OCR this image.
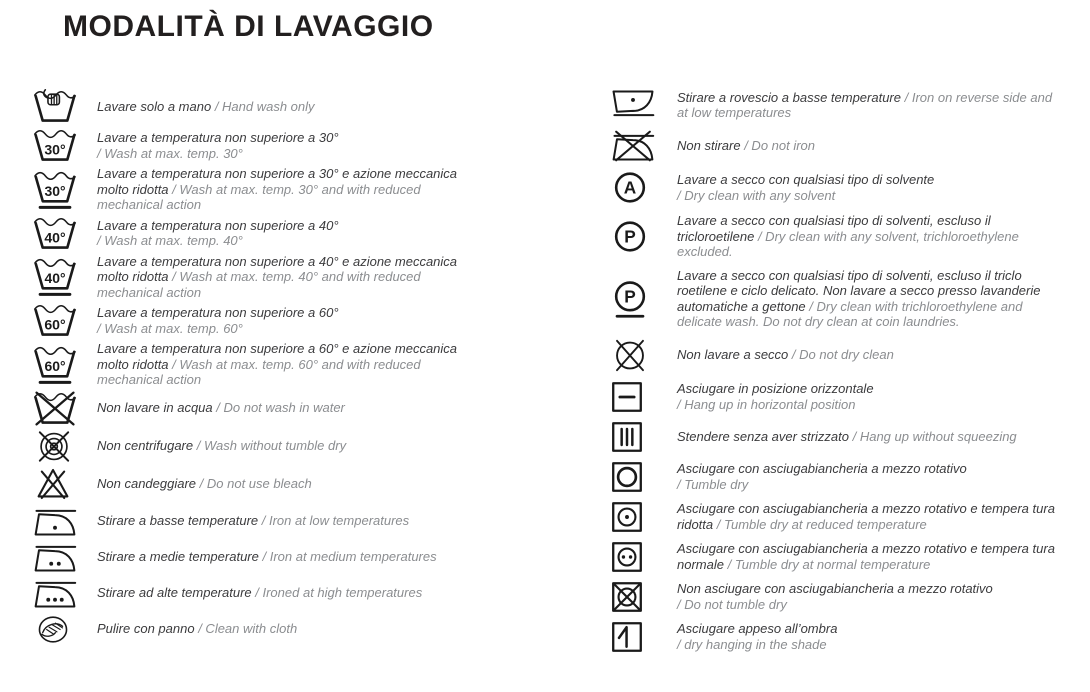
MODALITÀ DI LAVAGGIO
Lavare solo a mano / Hand wash only
30°
Lavare a temperatura non superiore a 30°
/ Wash at max. temp. 30°
30°
Lavare a temperatura non superiore a 30° e azione meccanica molto ridotta / Wash at max. temp. 30° and with reduced mechanical action
40°
Lavare a temperatura non superiore a 40°
/ Wash at max. temp. 40°
40°
Lavare a temperatura non superiore a 40° e azione meccanica molto ridotta / Wash at max. temp. 40° and with reduced mechanical action
60°
Lavare a temperatura non superiore a 60°
/ Wash at max. temp. 60°
60°
Lavare a temperatura non superiore a 60° e azione meccanica molto ridotta / Wash at max. temp. 60° and with reduced mechanical action
Non lavare in acqua / Do not wash in water
Non centrifugare / Wash without tumble dry
Non candeggiare / Do not use bleach
Stirare a basse temperature / Iron at low temperatures
Stirare a medie temperature / Iron at medium temperatures
Stirare ad alte temperature / Ironed at high temperatures
Pulire con panno / Clean with cloth
Stirare a rovescio a basse temperature / Iron on reverse side and at low temperatures
Non stirare / Do not iron
A	Lavare a secco con qualsiasi tipo di solvente
/ Dry clean with any solvent
P
Lavare a secco con qualsiasi tipo di solventi, escluso il tricloroetilene / Dry clean with any solvent, trichloroethylene excluded.
P
Lavare a secco con qualsiasi tipo di solventi, escluso il triclo roetilene e ciclo delicato. Non lavare a secco presso lavanderie automatiche a gettone / Dry clean with trichloroethylene and delicate wash. Do not dry clean at coin laundries.
Non lavare a secco / Do not dry clean
Asciugare in posizione orizzontale
/ Hang up in horizontal position
Stendere senza aver strizzato / Hang up without squeezing
Asciugare con asciugabiancheria a mezzo rotativo
/ Tumble dry
Asciugare con asciugabiancheria a mezzo rotativo e tempera tura ridotta / Tumble dry at reduced temperature
Asciugare con asciugabiancheria a mezzo rotativo e tempera tura normale / Tumble dry at normal temperature
Non asciugare con asciugabiancheria a mezzo rotativo
/ Do not tumble dry
Asciugare appeso all’ombra
/ dry hanging in the shade
